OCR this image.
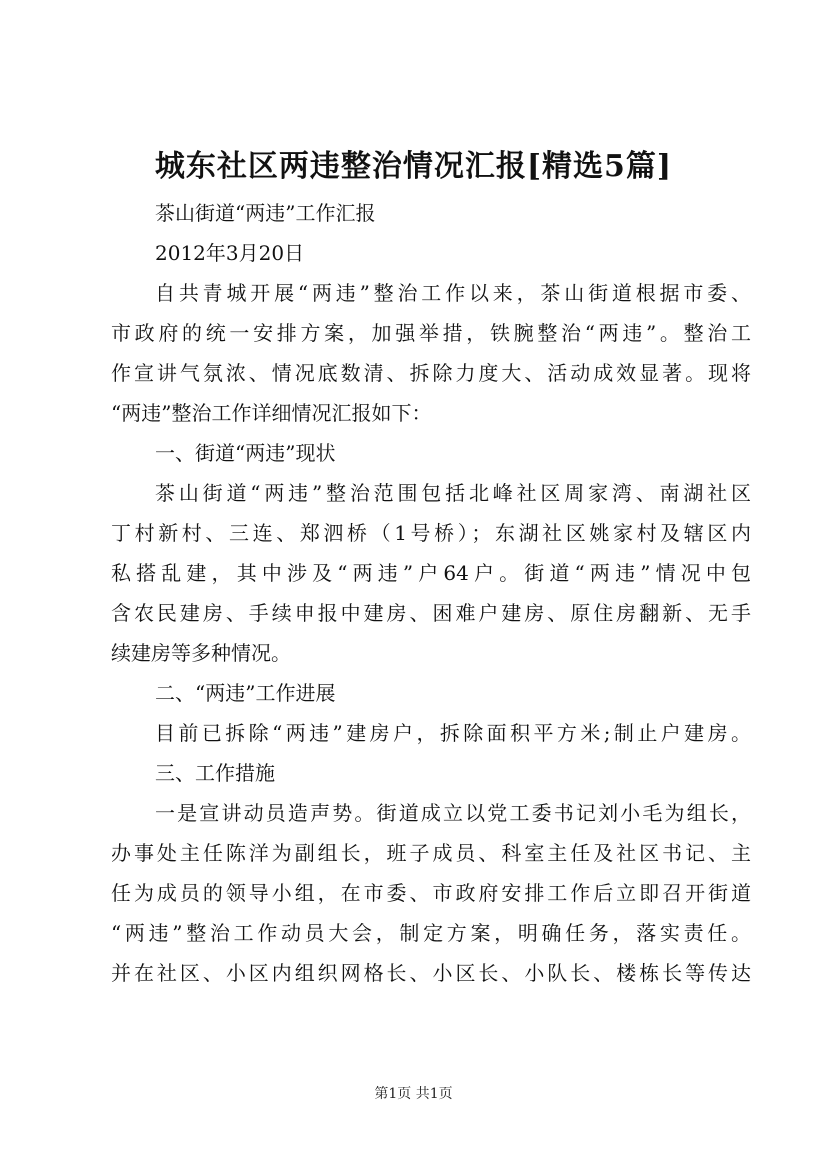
城东社区两违整治情况汇报[精选5篇]
茶山街道“两违”工作汇报
2012年3月20日
自共青城开展“两违”整治工作以来，茶山街道根据市委、
市政府的统一安排方案，加强举措，铁腕整治“两违”。整治工
作宣讲气氛浓、情况底数清、拆除力度大、活动成效显著。现将
“两违”整治工作详细情况汇报如下：
一、街道“两违”现状
茶山街道“两违”整治范围包括北峰社区周家湾、南湖社区
丁村新村、三连、郑泗桥（1号桥）；东湖社区姚家村及辖区内
私搭乱建，其中涉及“两违”户64户。街道“两违”情况中包
含农民建房、手续申报中建房、困难户建房、原住房翻新、无手
续建房等多种情况。
二、“两违”工作进展
目前已拆除“两违”建房户，拆除面积平方米;制止户建房。
三、工作措施
一是宣讲动员造声势。街道成立以党工委书记刘小毛为组长，
办事处主任陈洋为副组长，班子成员、科室主任及社区书记、主
任为成员的领导小组，在市委、市政府安排工作后立即召开街道
“两违”整治工作动员大会，制定方案，明确任务，落实责任。
并在社区、小区内组织网格长、小区长、小队长、楼栋长等传达
第1页 共1页
